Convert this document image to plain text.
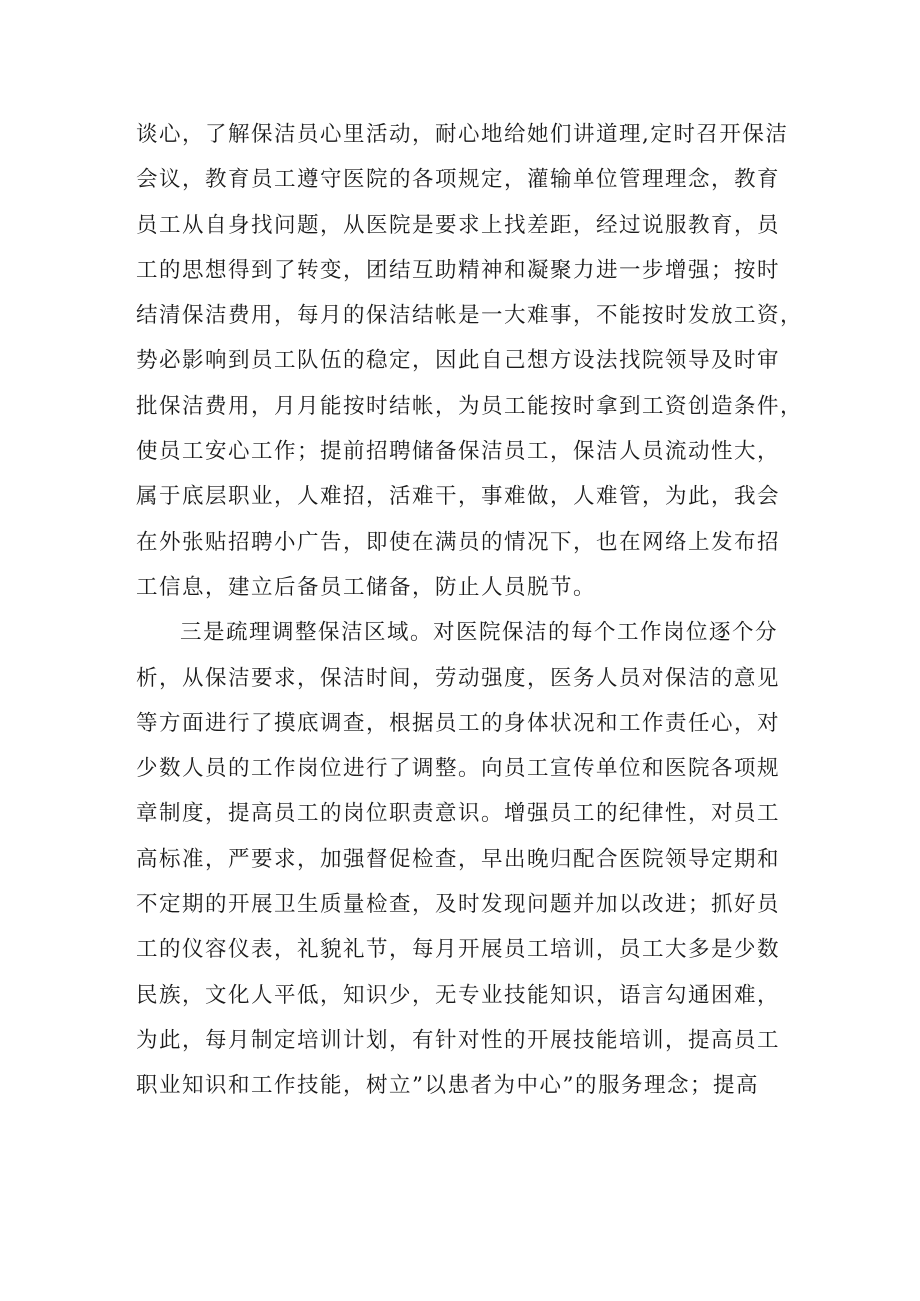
谈心，了解保洁员心里活动，耐心地给她们讲道理,定时召开保洁
会议，教育员工遵守医院的各项规定，灌输单位管理理念，教育
员工从自身找问题，从医院是要求上找差距，经过说服教育，员
工的思想得到了转变，团结互助精神和凝聚力进一步增强；按时
结清保洁费用，每月的保洁结帐是一大难事，不能按时发放工资，
势必影响到员工队伍的稳定，因此自己想方设法找院领导及时审
批保洁费用，月月能按时结帐，为员工能按时拿到工资创造条件，
使员工安心工作；提前招聘储备保洁员工，保洁人员流动性大，
属于底层职业，人难招，活难干，事难做，人难管，为此，我会
在外张贴招聘小广告，即使在满员的情况下，也在网络上发布招
工信息，建立后备员工储备，防止人员脱节。
三是疏理调整保洁区域。对医院保洁的每个工作岗位逐个分
析，从保洁要求，保洁时间，劳动强度，医务人员对保洁的意见
等方面进行了摸底调查，根据员工的身体状况和工作责任心，对
少数人员的工作岗位进行了调整。向员工宣传单位和医院各项规
章制度，提高员工的岗位职责意识。增强员工的纪律性，对员工
高标准，严要求，加强督促检查，早出晚归配合医院领导定期和
不定期的开展卫生质量检查，及时发现问题并加以改进；抓好员
工的仪容仪表，礼貌礼节，每月开展员工培训，员工大多是少数
民族，文化人平低，知识少，无专业技能知识，语言勾通困难，
为此，每月制定培训计划，有针对性的开展技能培训，提高员工
职业知识和工作技能，树立”以患者为中心”的服务理念；提高
